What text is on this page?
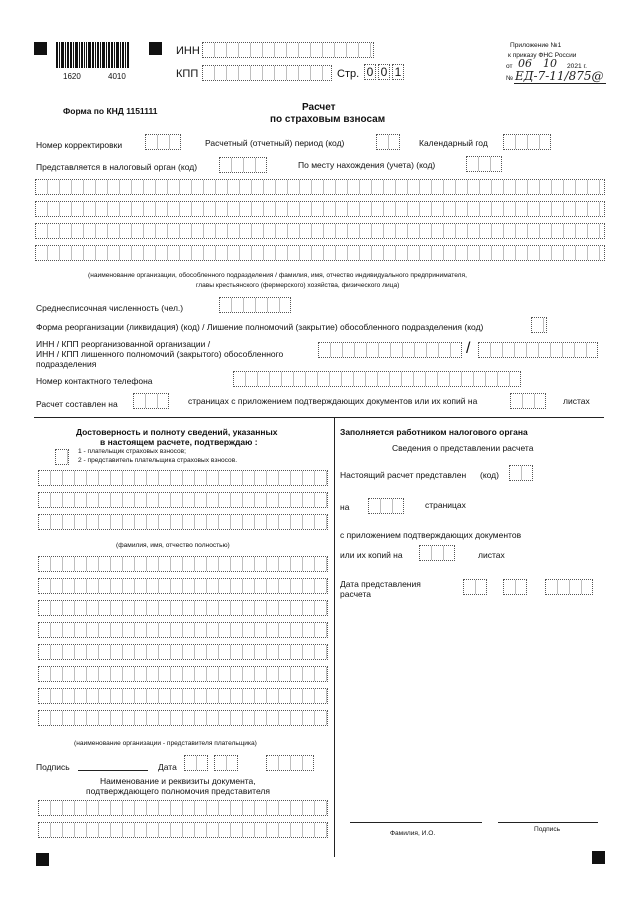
1620	4010
ИНН
КПП	Стр. 0 0 1
Приложение №1
к приказу ФНС России
от 06 10 2021 г.
№ ЕД-7-11/875@
Форма по КНД 1151111	Расчет
по страховым взносам
Номер корректировки	Расчетный (отчетный) период (код)	Календарный год
Представляется в налоговый орган (код)	По месту нахождения (учета) (код)
(наименование организации, обособленного подразделения / фамилия, имя, отчество индивидуального предпринимателя,
главы крестьянского (фермерского) хозяйства, физического лица)
Среднесписочная численность (чел.)
Форма реорганизации (ликвидация) (код) / Лишение полномочий (закрытие) обособленного подразделения (код)
ИНН / КПП реорганизованной организации /
ИНН / КПП лишенного полномочий (закрытого) обособленного
подразделения
/
Номер контактного телефона
Расчет составлен на	страницах с приложением подтверждающих документов или их копий на	листах
Достоверность и полноту сведений, указанных
в настоящем расчете, подтверждаю :
1 - плательщик страховых взносов;
2 - представитель плательщика страховых взносов.
(фамилия, имя, отчество полностью)
(наименование организации - представителя плательщика)
Подпись	Дата
Наименование и реквизиты документа,
подтверждающего полномочия представителя
Заполняется работником налогового органа
Сведения о представлении расчета
Настоящий расчет представлен (код)
на	страницах
с приложением подтверждающих документов
или их копий на	листах
Дата представления
расчета
Фамилия, И.О.
Подпись
